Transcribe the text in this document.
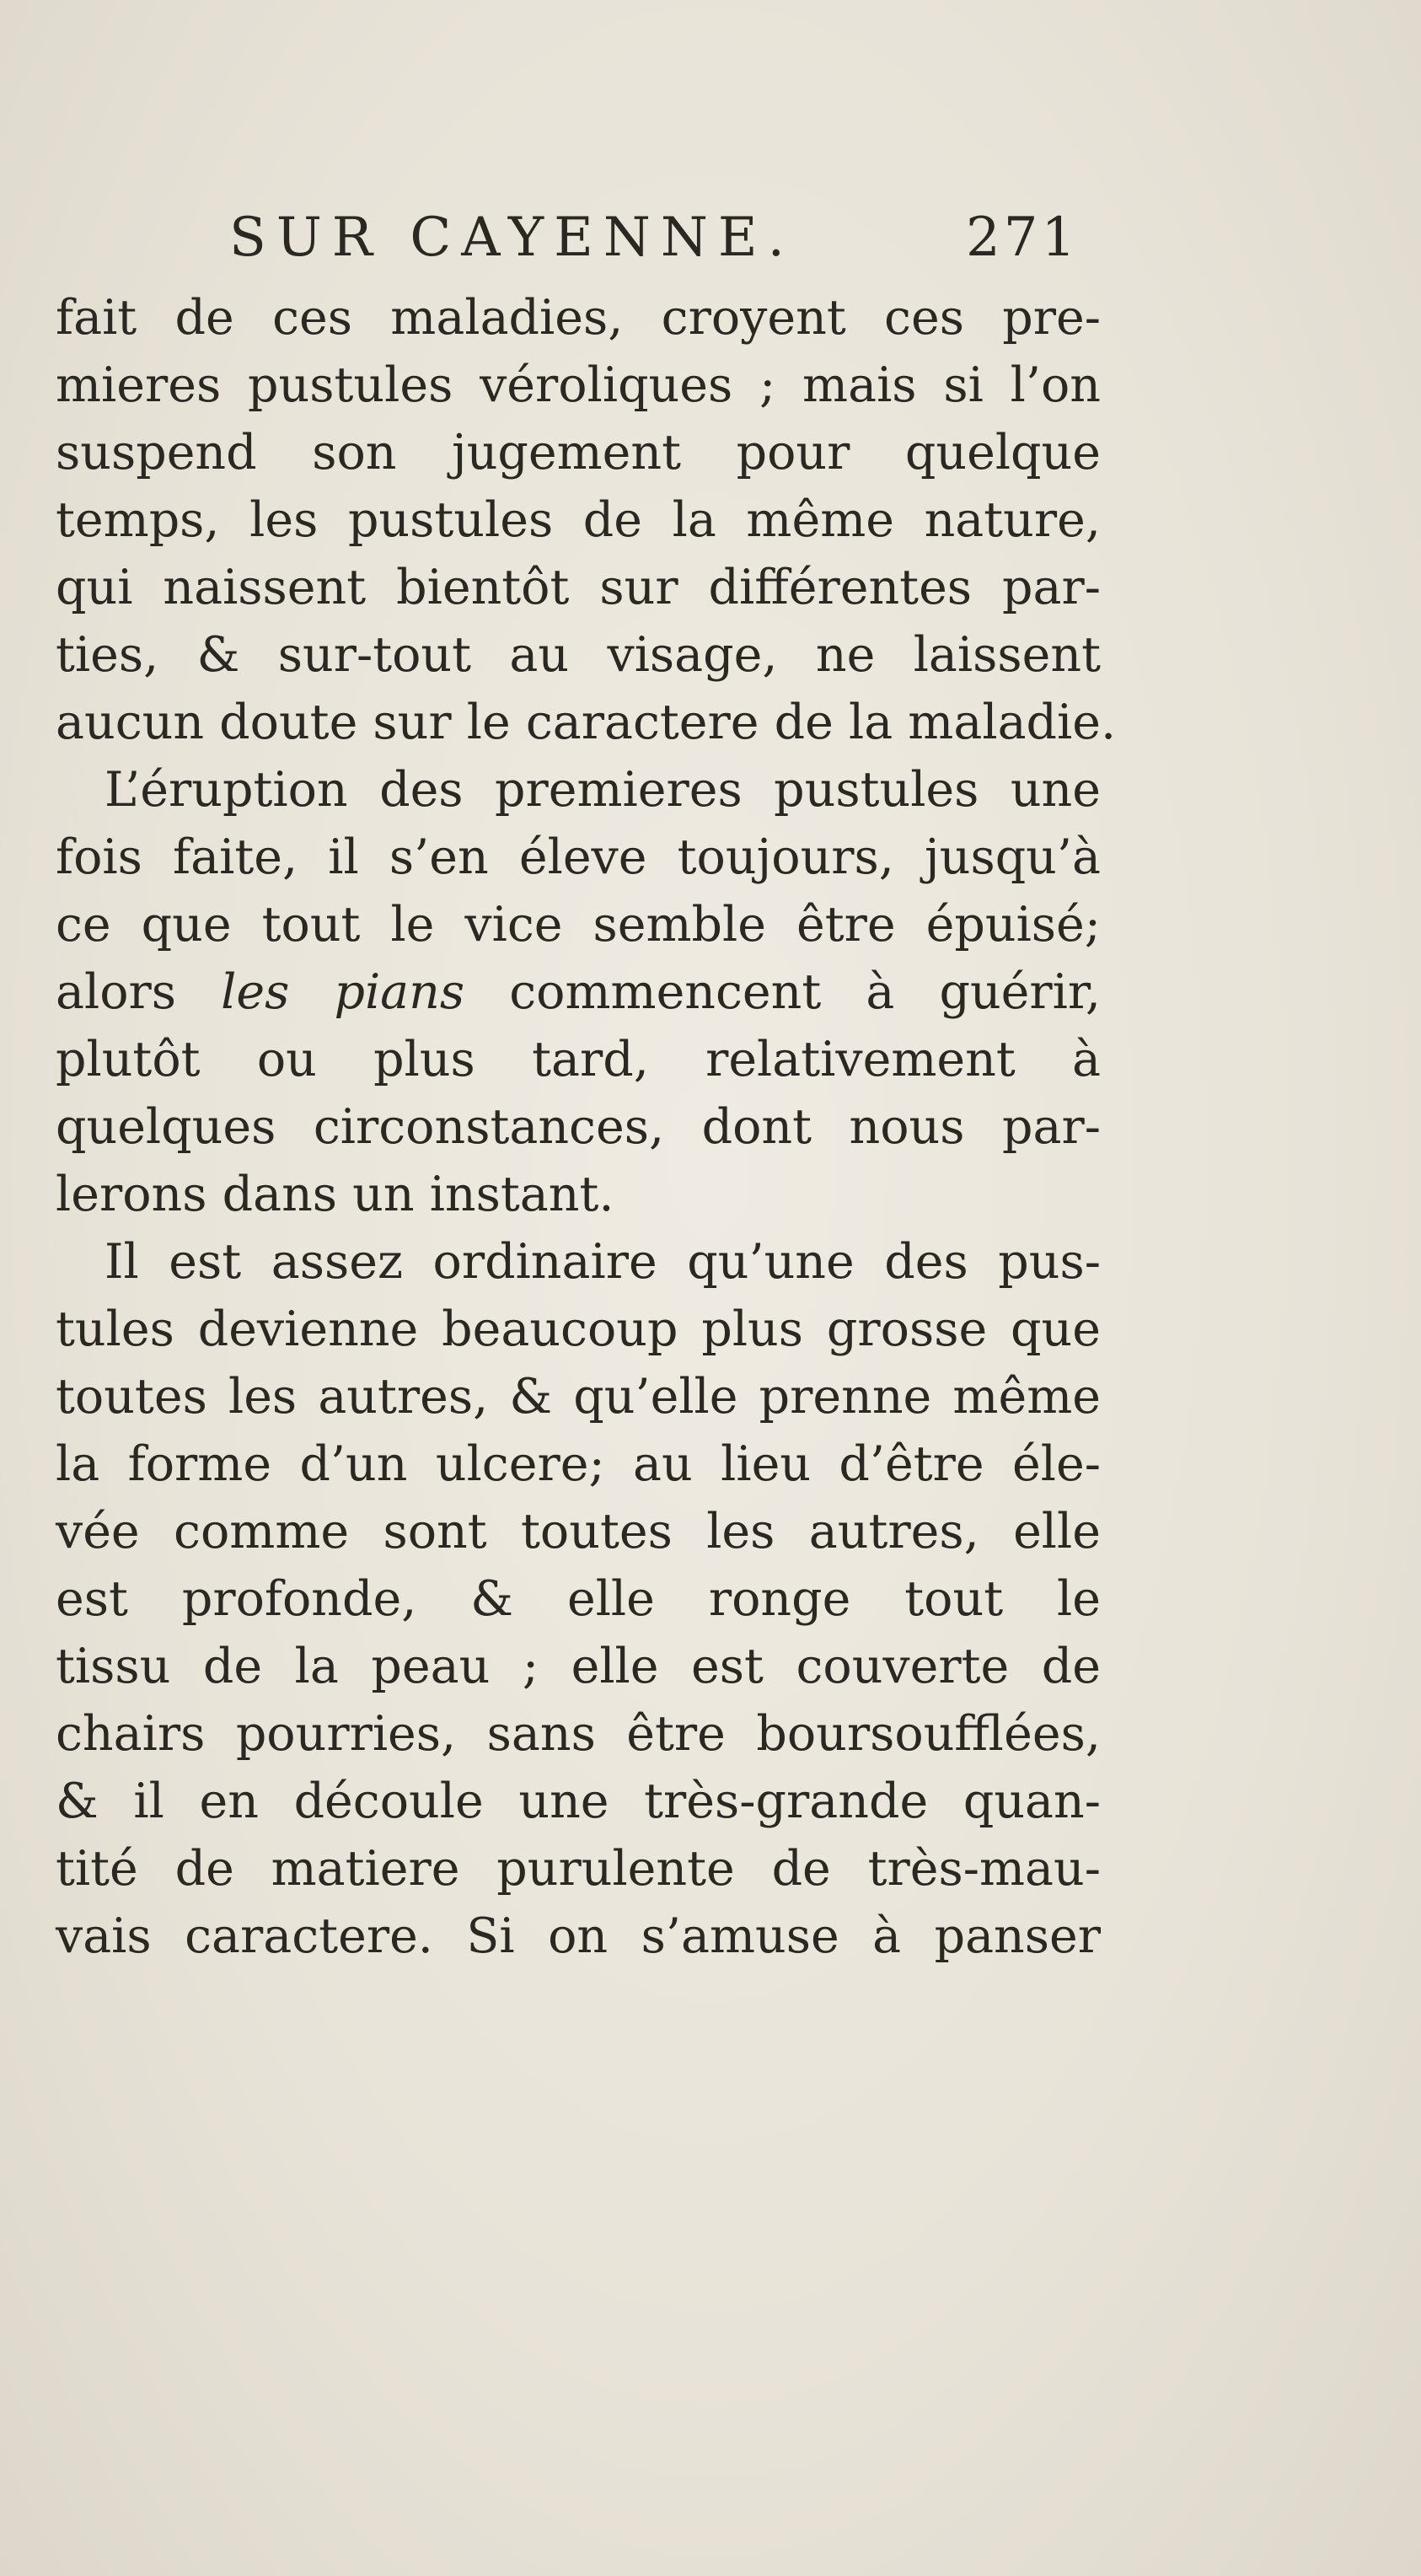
SUR CAYENNE.	271
fait de ces maladies, croyent ces pre-
mieres pustules véroliques ; mais si l’on
suspend son jugement pour quelque
temps, les pustules de la même nature,
qui naissent bientôt sur différentes par-
ties, & sur-tout au visage, ne laissent
aucun doute sur le caractere de la maladie.
L’éruption des premieres pustules une
fois faite, il s’en éleve toujours, jusqu’à
ce que tout le vice semble être épuisé;
alors les pians commencent à guérir,
plutôt ou plus tard, relativement à
quelques circonstances, dont nous par-
lerons dans un instant.
Il est assez ordinaire qu’une des pus-
tules devienne beaucoup plus grosse que
toutes les autres, & qu’elle prenne même
la forme d’un ulcere; au lieu d’être éle-
vée comme sont toutes les autres, elle
est profonde, & elle ronge tout le
tissu de la peau ; elle est couverte de
chairs pourries, sans être boursoufflées,
& il en découle une très-grande quan-
tité de matiere purulente de très-mau-
vais caractere. Si on s’amuse à panser
